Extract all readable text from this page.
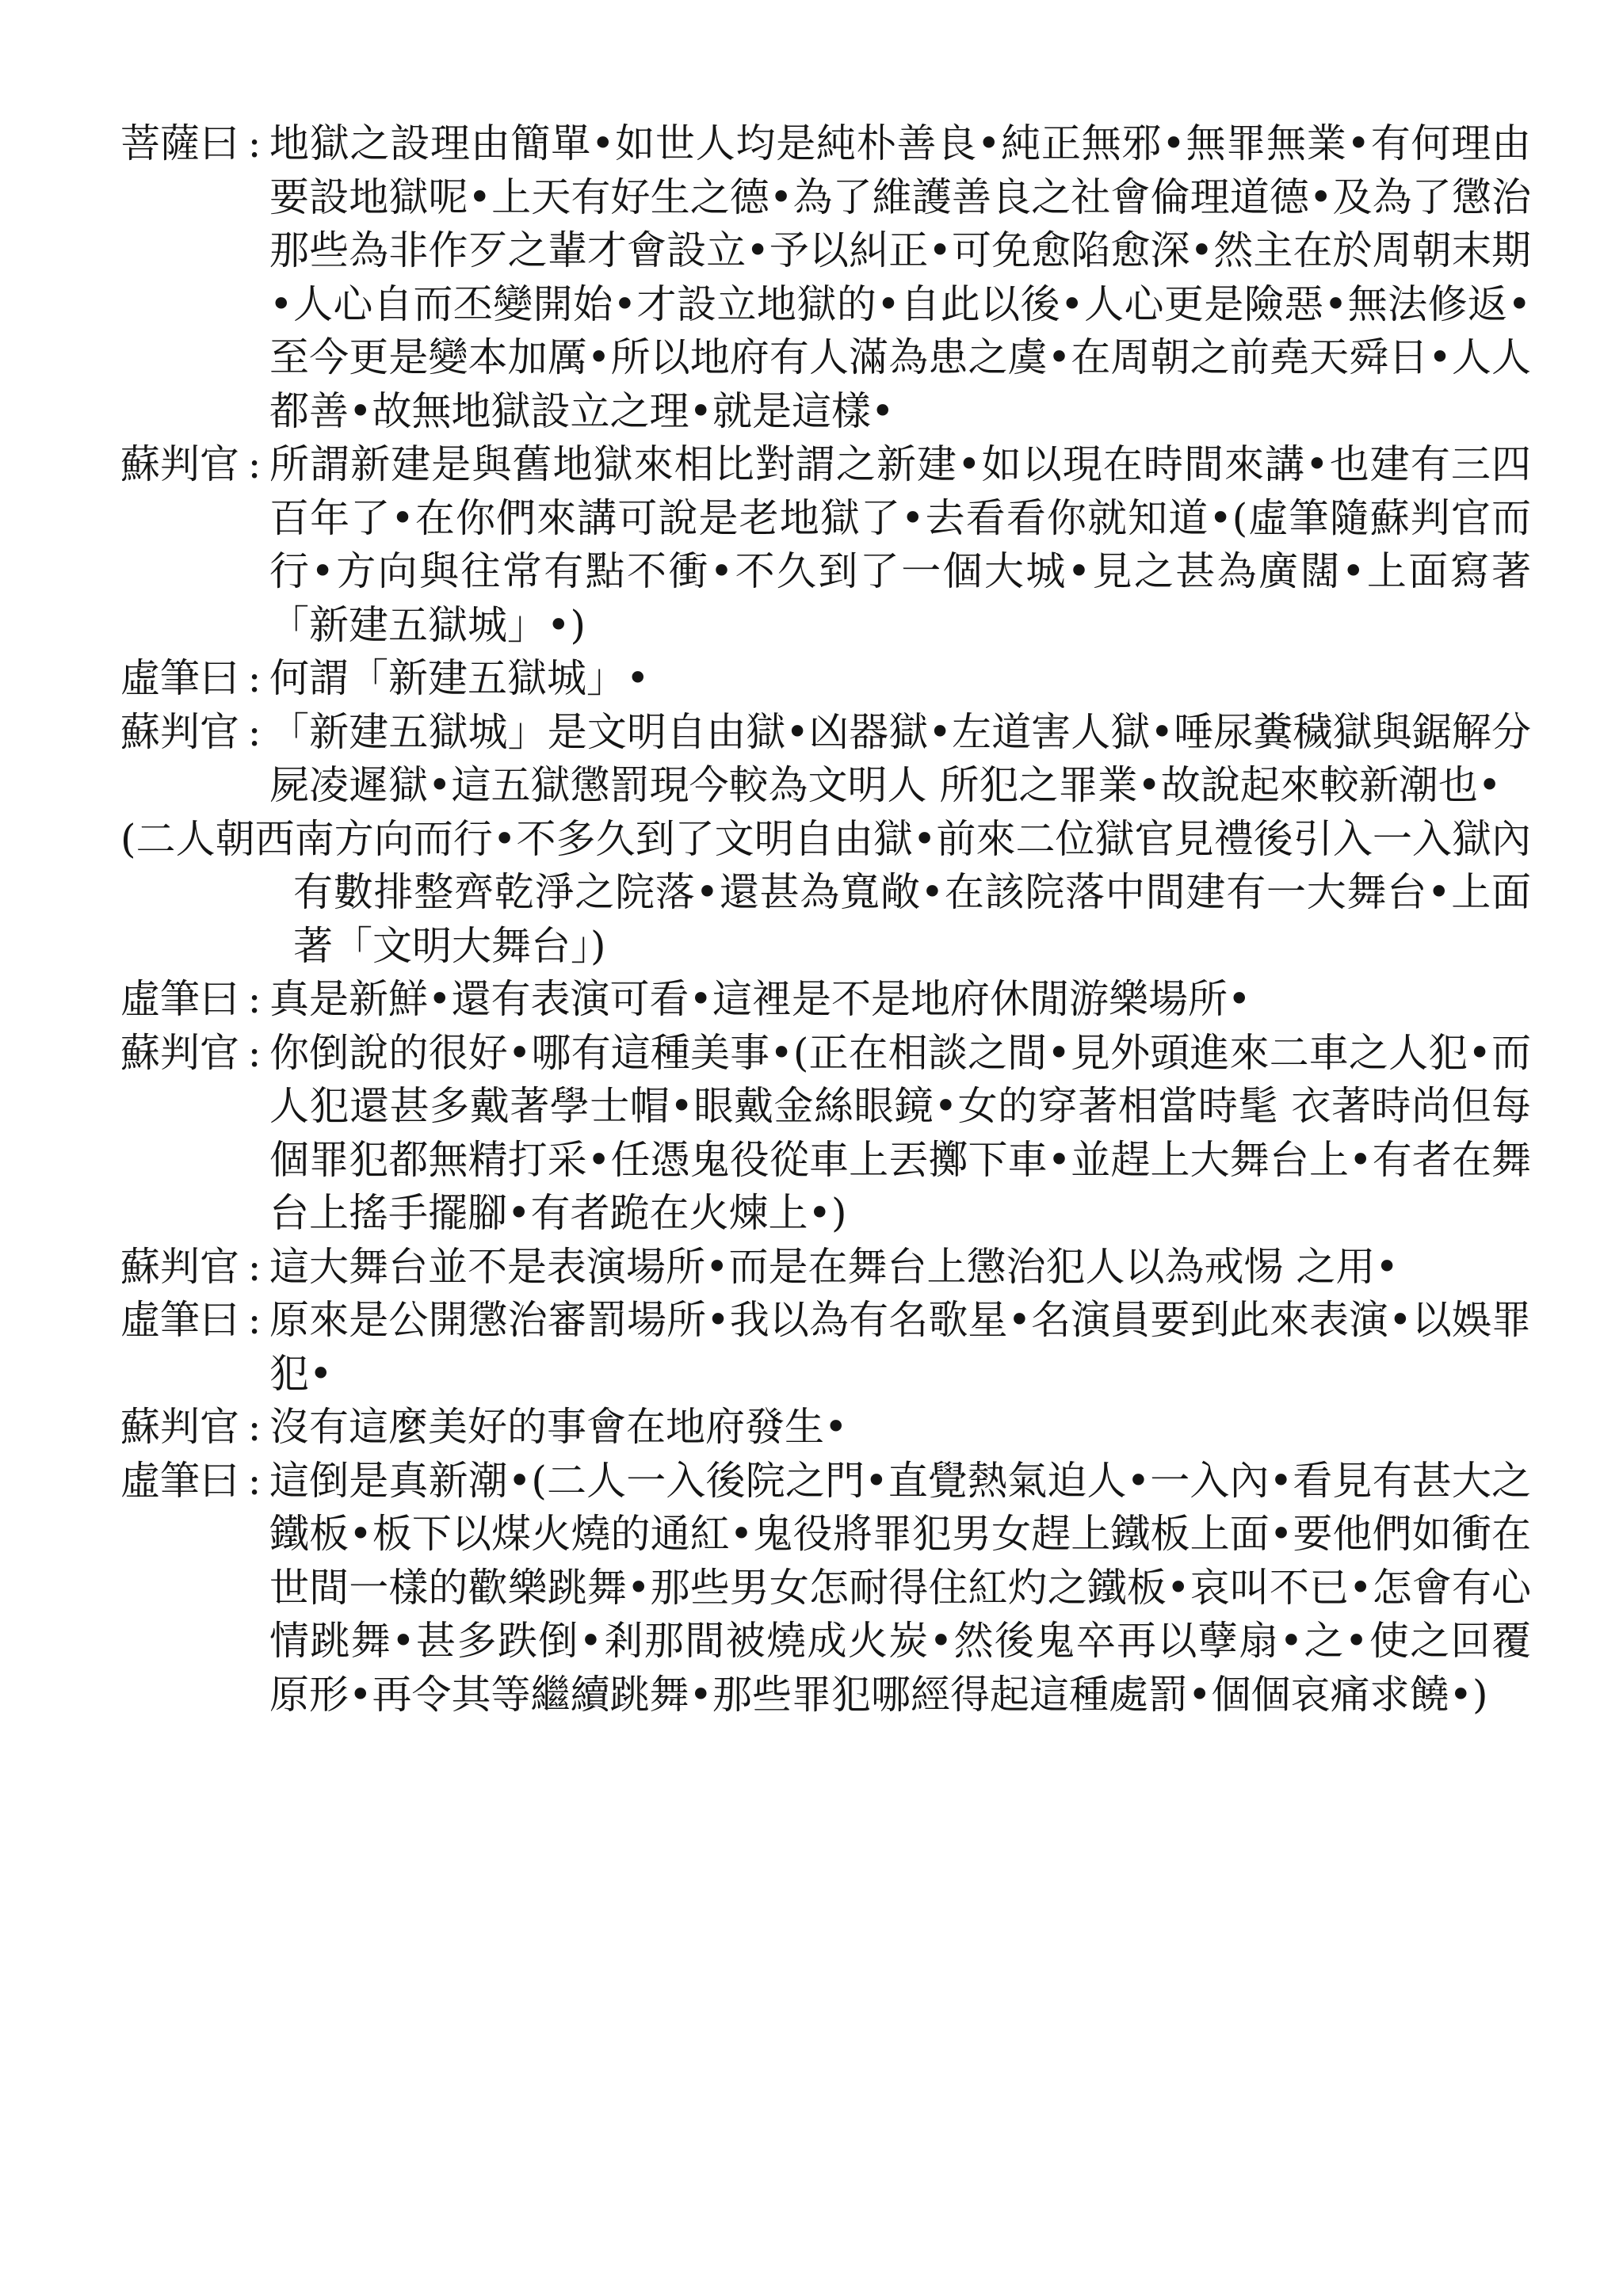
菩薩曰 : 地獄之設理由簡單•如世人均是純朴善良•純正無邪•無罪無業•有何理由要設地獄呢•上天有好生之德•為了維護善良之社會倫理道德•及為了懲治那些為非作歹之輩才會設立•予以糾正•可免愈陷愈深•然主在於周朝末期•人心自而丕變開始•才設立地獄的•自此以後•人心更是險惡•無法修返•至今更是變本加厲•所以地府有人滿為患之虞•在周朝之前堯天舜日•人人都善•故無地獄設立之理•就是這樣•
蘇判官 : 所謂新建是與舊地獄來相比對謂之新建•如以現在時間來講•也建有三四百年了•在你們來講可說是老地獄了•去看看你就知道•(虛筆隨蘇判官而行•方向與往常有點不衝•不久到了一個大城•見之甚為廣闊•上面寫著「新建五獄城」•)
虛筆曰 : 何謂「新建五獄城」•
蘇判官 : 「新建五獄城」是文明自由獄•凶器獄•左道害人獄•唾尿糞穢獄與鋸解分屍凌遲獄•這五獄懲罰現今較為文明人 所犯之罪業•故說起來較新潮也•
(二人朝西南方向而行•不多久到了文明自由獄•前來二位獄官見禮後引入一入獄內有數排整齊乾淨之院落•還甚為寬敞•在該院落中間建有一大舞台•上面著「文明大舞台」)
虛筆曰 : 真是新鮮•還有表演可看•這裡是不是地府休閒游樂場所•
蘇判官 : 你倒說的很好•哪有這種美事•(正在相談之間•見外頭進來二車之人犯•而人犯還甚多戴著學士帽•眼戴金絲眼鏡•女的穿著相當時髦 衣著時尚但每個罪犯都無精打采•任憑鬼役從車上丟擲下車•並趕上大舞台上•有者在舞台上搖手擺腳•有者跪在火煉上•)
蘇判官 : 這大舞台並不是表演場所•而是在舞台上懲治犯人以為戒惕 之用•
虛筆曰 : 原來是公開懲治審罰場所•我以為有名歌星•名演員要到此來表演•以娛罪犯•
蘇判官 : 沒有這麼美好的事會在地府發生•
虛筆曰 : 這倒是真新潮•(二人一入後院之門•直覺熱氣迫人•一入內•看見有甚大之鐵板•板下以煤火燒的通紅•鬼役將罪犯男女趕上鐵板上面•要他們如衝在世間一樣的歡樂跳舞•那些男女怎耐得住紅灼之鐵板•哀叫不已•怎會有心情跳舞•甚多跌倒•剎那間被燒成火炭•然後鬼卒再以孽扇•之•使之回覆原形•再令其等繼續跳舞•那些罪犯哪經得起這種處罰•個個哀痛求饒•)
